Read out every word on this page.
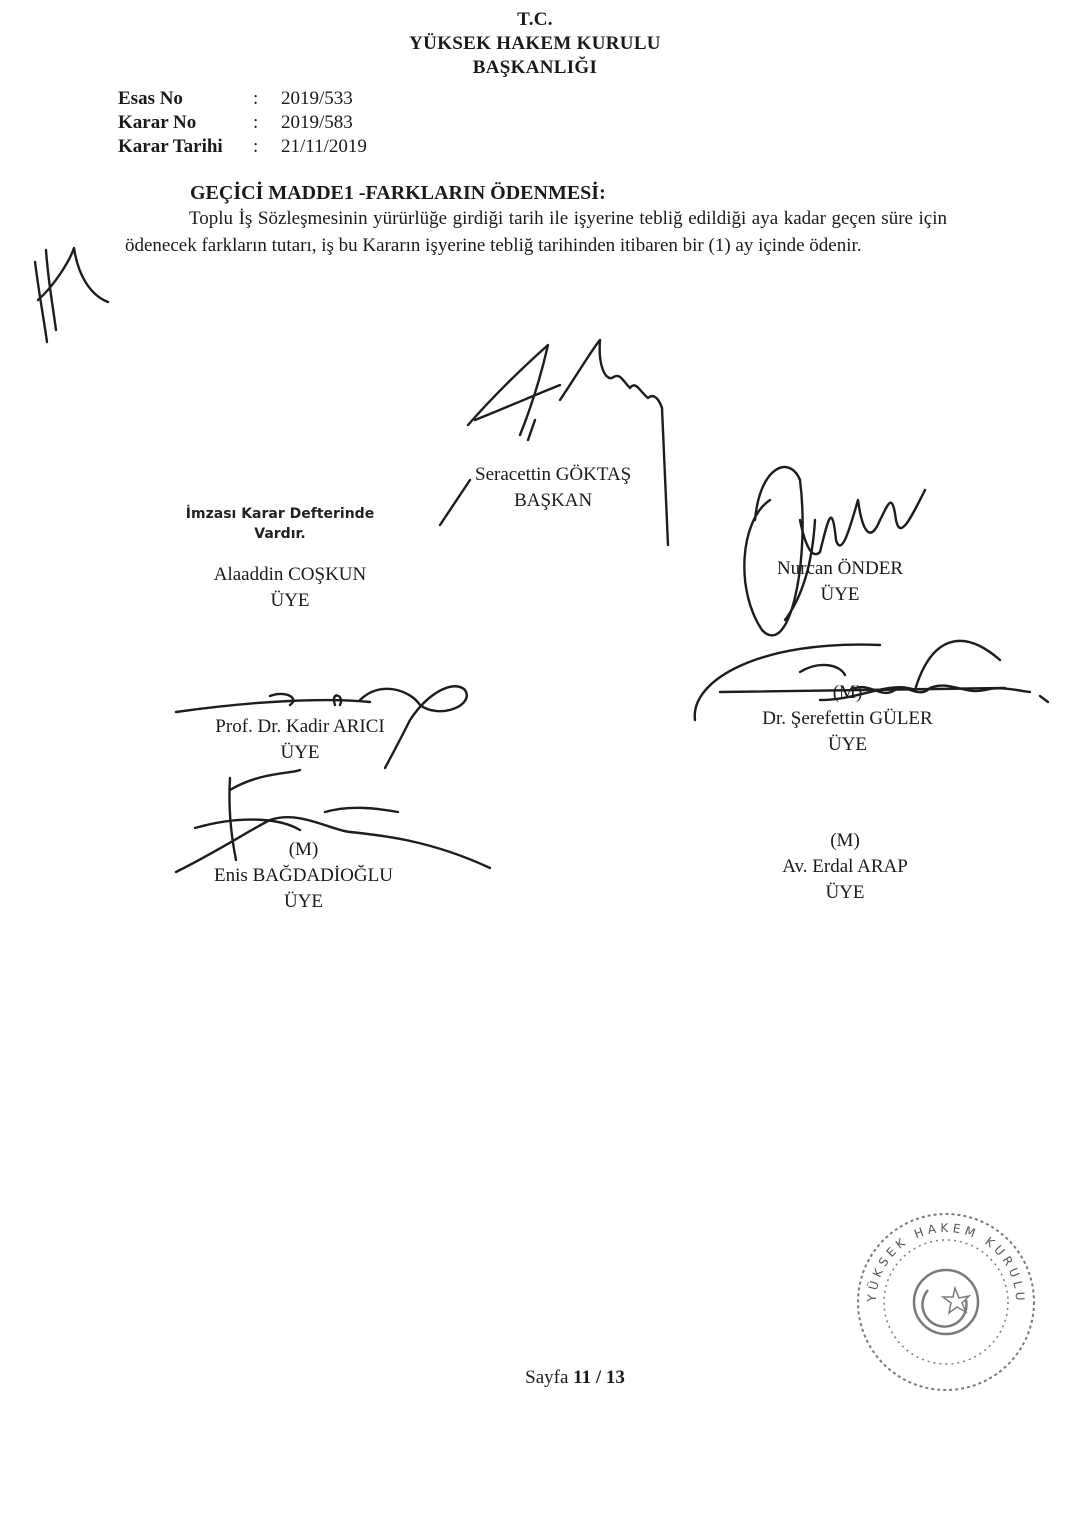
T.C.
YÜKSEK HAKEM KURULU
BAŞKANLIĞI
Esas No	:	2019/533
Karar No	:	2019/583
Karar Tarihi	:	21/11/2019
GEÇİCİ MADDE1 -FARKLARIN ÖDENMESİ:

Toplu İş Sözleşmesinin yürürlüğe girdiği tarih ile işyerine tebliğ edildiği aya kadar geçen süre için ödenecek farkların tutarı, iş bu Kararın işyerine tebliğ tarihinden itibaren bir (1) ay içinde ödenir.

Seracettin GÖKTAŞ
BAŞKAN
İmzası Karar Defterinde
Vardır.
Alaaddin COŞKUN
ÜYE
Nurcan ÖNDER
ÜYE
Prof. Dr. Kadir ARICI
ÜYE
(M)
Dr. Şerefettin GÜLER
ÜYE
(M)
Enis BAĞDADİOĞLU
ÜYE
(M)
Av. Erdal ARAP
ÜYE
Sayfa 11 / 13
YÜKSEK HAKEM KURULU
